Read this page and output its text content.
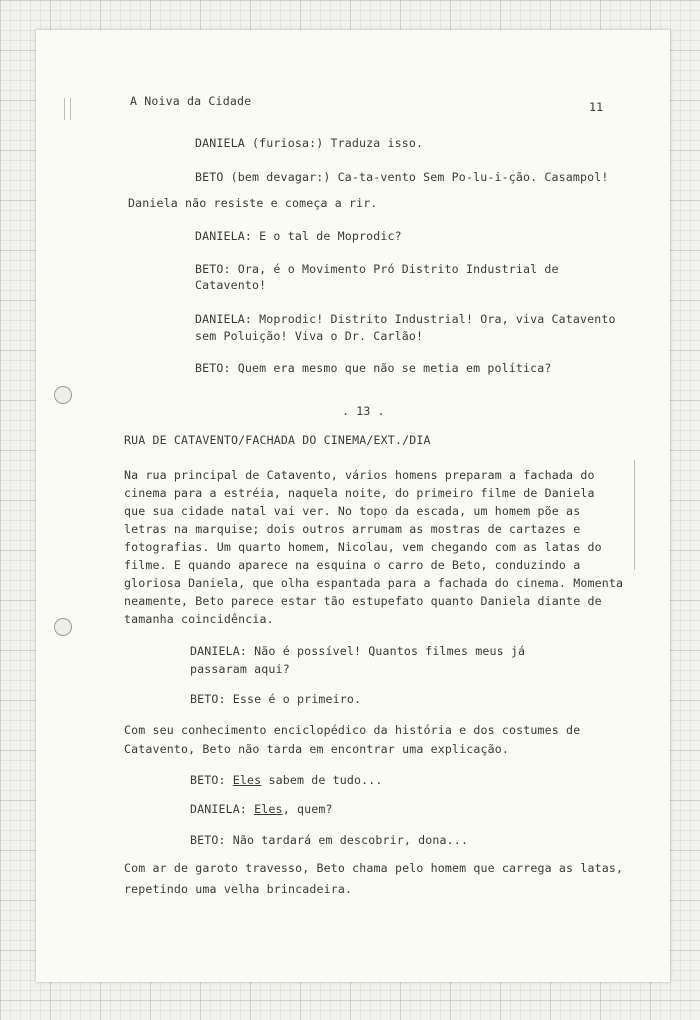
A Noiva da Cidade	11
DANIELA (furiosa:) Traduza isso.
BETO (bem devagar:) Ca-ta-vento Sem Po-lu-i-ção. Casampol!
Daniela não resiste e começa a rir.
DANIELA: E o tal de Moprodic?
BETO: Ora, é o Movimento Pró Distrito Industrial de
Catavento!
DANIELA: Moprodic! Distrito Industrial! Ora, viva Catavento
sem Poluição! Viva o Dr. Carlão!
BETO: Quem era mesmo que não se metia em política?
. 13 .
RUA DE CATAVENTO/FACHADA DO CINEMA/EXT./DIA
Na rua principal de Catavento, vários homens preparam a fachada do
cinema para a estréia, naquela noite, do primeiro filme de Daniela
que sua cidade natal vai ver. No topo da escada, um homem põe as
letras na marquise; dois outros arrumam as mostras de cartazes e
fotografias. Um quarto homem, Nicolau, vem chegando com as latas do
filme. E quando aparece na esquina o carro de Beto, conduzindo a
gloriosa Daniela, que olha espantada para a fachada do cinema. Momenta
neamente, Beto parece estar tão estupefato quanto Daniela diante de
tamanha coincidência.
DANIELA: Não é possível! Quantos filmes meus já
passaram aqui?
BETO: Esse é o primeiro.
Com seu conhecimento enciclopédico da história e dos costumes de
Catavento, Beto não tarda em encontrar uma explicação.
BETO: Eles sabem de tudo...
DANIELA: Eles, quem?
BETO: Não tardará em descobrir, dona...
Com ar de garoto travesso, Beto chama pelo homem que carrega as latas,
repetindo uma velha brincadeira.
